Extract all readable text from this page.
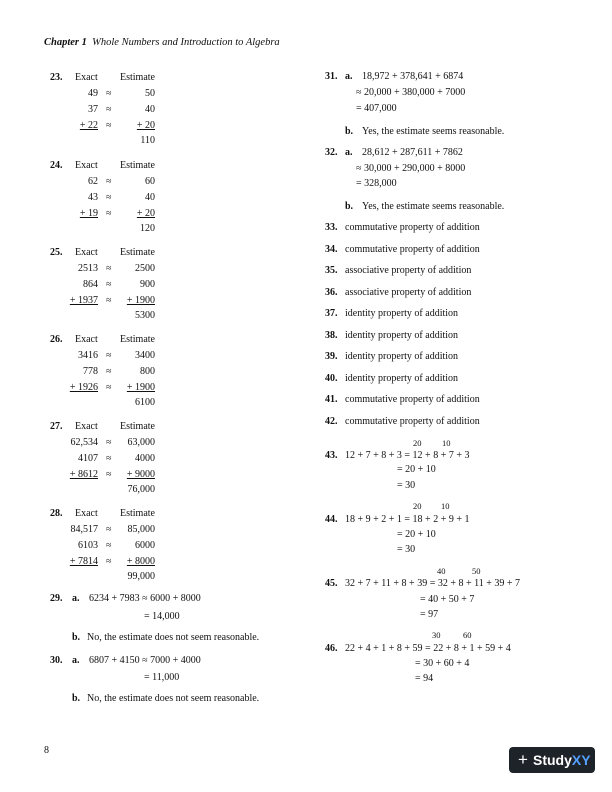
Chapter 1 Whole Numbers and Introduction to Algebra
23. Exact Estimate
49 ≈	50
37 ≈	40
+ 22 ≈	+ 20
110
24. Exact Estimate
62 ≈	60
43 ≈	40
+ 19 ≈	+ 20
120
25. Exact Estimate
2513 ≈	2500
864 ≈	900
+ 1937 ≈	+ 1900
5300
26. Exact Estimate
3416 ≈	3400
778 ≈	800
+ 1926 ≈	+ 1900
6100
27. Exact Estimate
62,534 ≈	63,000
4107 ≈	4000
+ 8612 ≈	+ 9000
76,000
28. Exact Estimate
84,517 ≈	85,000
6103 ≈	6000
+ 7814 ≈	+ 8000
99,000
29. a. 6234 + 7983 ≈ 6000 + 8000
= 14,000
b. No, the estimate does not seem reasonable.
30. a. 6807 + 4150 ≈ 7000 + 4000
= 11,000
b. No, the estimate does not seem reasonable.
31. a. 18,972 + 378,641 + 6874
≈ 20,000 + 380,000 + 7000
= 407,000
b. Yes, the estimate seems reasonable.
32. a. 28,612 + 287,611 + 7862
≈ 30,000 + 290,000 + 8000
= 328,000
b. Yes, the estimate seems reasonable.
33. commutative property of addition
34. commutative property of addition
35. associative property of addition
36. associative property of addition
37. identity property of addition
38. identity property of addition
39. identity property of addition
40. identity property of addition
41. commutative property of addition
42. commutative property of addition
20 10
43. 12 + 7 + 8 + 3 = 12 + 8 + 7 + 3
= 20 + 10
= 30
20 10
44. 18 + 9 + 2 + 1 = 18 + 2 + 9 + 1
= 20 + 10
= 30
40	50
45. 32 + 7 + 11 + 8 + 39 = 32 + 8 + 11 + 39 + 7
= 40 + 50 + 7
= 97
30	60
46. 22 + 4 + 1 + 8 + 59 = 22 + 8 + 1 + 59 + 4
= 30 + 60 + 4
= 94
8	+ Study XY
